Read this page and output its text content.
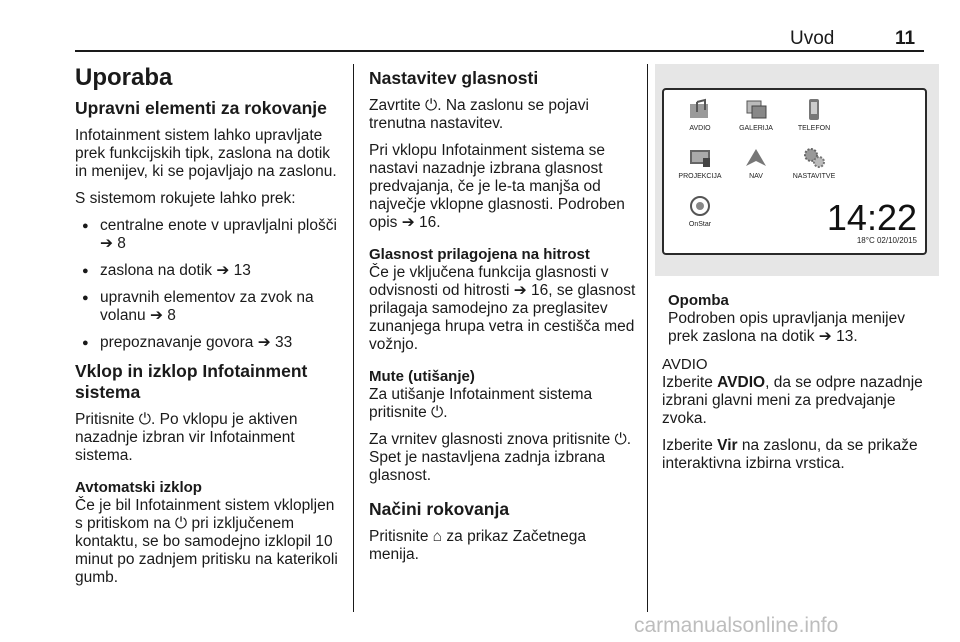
Uvod	11
Uporaba
Upravni elementi za rokovanje

Infotainment sistem lahko upravljate prek funkcijskih tipk, zaslona na dotik in menijev, ki se pojavljajo na zaslonu.

S sistemom rokujete lahko prek:

● centralne enote v upravljalni plošči ➔ 8
● zaslona na dotik ➔ 13
● upravnih elementov za zvok na volanu ➔ 8
● prepoznavanje govora ➔ 33
Vklop in izklop Infotainment sistema

Pritisnite ⏻. Po vklopu je aktiven nazadnje izbran vir Infotainment sistema.

Avtomatski izklop

Če je bil Infotainment sistem vklopljen s pritiskom na ⏻ pri izključenem kontaktu, se bo samodejno izklopil 10 minut po zadnjem pritisku na katerikoli gumb.

Nastavitev glasnosti

Zavrtite ⏻. Na zaslonu se pojavi trenutna nastavitev.

Pri vklopu Infotainment sistema se nastavi nazadnje izbrana glasnost predvajanja, če je le-ta manjša od največje vklopne glasnosti. Podroben opis ➔ 16.

Glasnost prilagojena na hitrost

Če je vključena funkcija glasnosti v odvisnosti od hitrosti ➔ 16, se glasnost prilagaja samodejno za preglasitev zunanjega hrupa vetra in cestišča med vožnjo.

Mute (utišanje)

Za utišanje Infotainment sistema pritisnite ⏻.

Za vrnitev glasnosti znova pritisnite ⏻. Spet je nastavljena zadnja izbrana glasnost.

Načini rokovanja

Pritisnite ⌂ za prikaz Začetnega menija.

AVDIO	GALERIJA	TELEFON
PROJEKCIJA	NAV	NASTAVITVE
OnStar	14:22
18°C 02/10/2015
Opomba
Podroben opis upravljanja menijev prek zaslona na dotik ➔ 13.
AVDIO

Izberite AVDIO, da se odpre nazadnje izbrani glavni meni za predvajanje zvoka.

Izberite Vir na zaslonu, da se prikaže interaktivna izbirna vrstica.

carmanualsonline.info
